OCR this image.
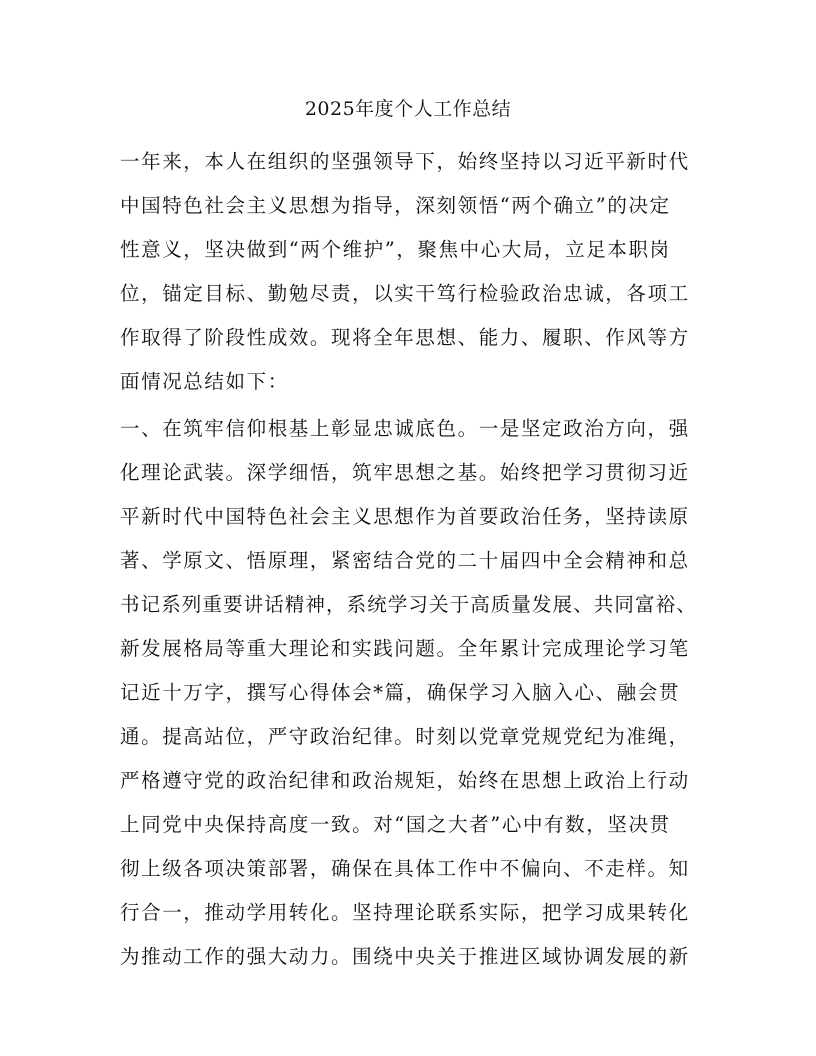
2025年度个人工作总结
一年来，本人在组织的坚强领导下，始终坚持以习近平新时代
中国特色社会主义思想为指导，深刻领悟“两个确立”的决定
性意义，坚决做到“两个维护”，聚焦中心大局，立足本职岗
位，锚定目标、勤勉尽责，以实干笃行检验政治忠诚，各项工
作取得了阶段性成效。现将全年思想、能力、履职、作风等方
面情况总结如下：
一、在筑牢信仰根基上彰显忠诚底色。一是坚定政治方向，强
化理论武装。深学细悟，筑牢思想之基。始终把学习贯彻习近
平新时代中国特色社会主义思想作为首要政治任务，坚持读原
著、学原文、悟原理，紧密结合党的二十届四中全会精神和总
书记系列重要讲话精神，系统学习关于高质量发展、共同富裕、
新发展格局等重大理论和实践问题。全年累计完成理论学习笔
记近十万字，撰写心得体会*篇，确保学习入脑入心、融会贯
通。提高站位，严守政治纪律。时刻以党章党规党纪为准绳，
严格遵守党的政治纪律和政治规矩，始终在思想上政治上行动
上同党中央保持高度一致。对“国之大者”心中有数，坚决贯
彻上级各项决策部署，确保在具体工作中不偏向、不走样。知
行合一，推动学用转化。坚持理论联系实际，把学习成果转化
为推动工作的强大动力。围绕中央关于推进区域协调发展的新
